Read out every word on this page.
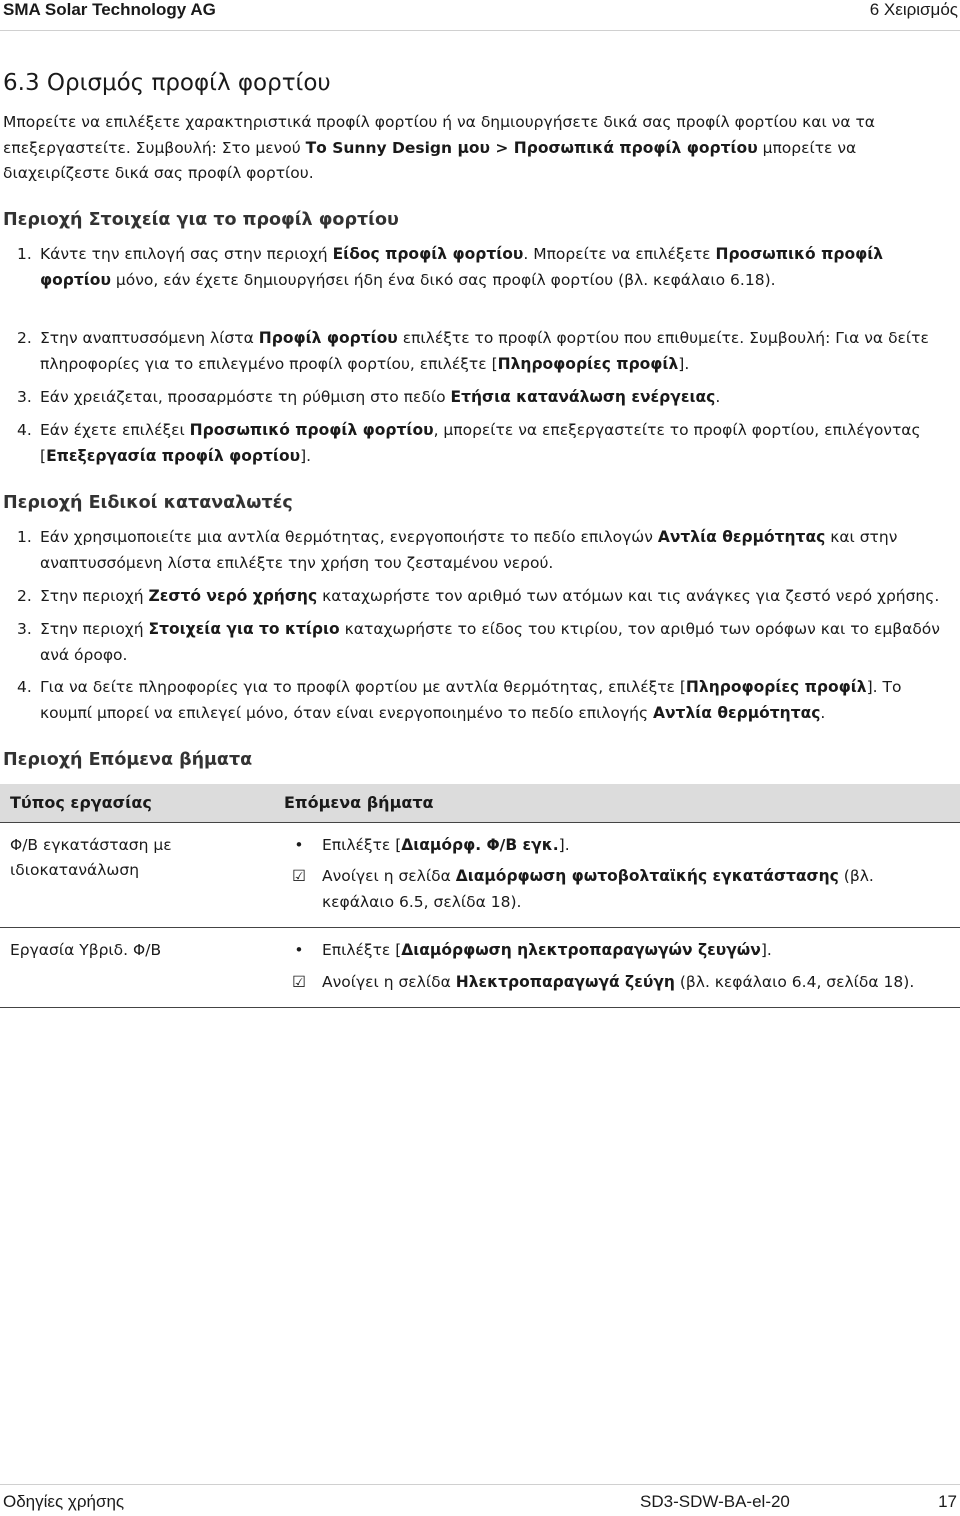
SMA Solar Technology AG	6 Χειρισμός
6.3 Ορισμός προφίλ φορτίου
Μπορείτε να επιλέξετε χαρακτηριστικά προφίλ φορτίου ή να δημιουργήσετε δικά σας προφίλ φορτίου και να τα επεξεργαστείτε. Συμβουλή: Στο μενού Το Sunny Design μου > Προσωπικά προφίλ φορτίου μπορείτε να διαχειρίζεστε δικά σας προφίλ φορτίου.
Περιοχή Στοιχεία για το προφίλ φορτίου
1. Κάντε την επιλογή σας στην περιοχή Είδος προφίλ φορτίου. Μπορείτε να επιλέξετε Προσωπικό προφίλ φορτίου μόνο, εάν έχετε δημιουργήσει ήδη ένα δικό σας προφίλ φορτίου (βλ. κεφάλαιο 6.18).
2. Στην αναπτυσσόμενη λίστα Προφίλ φορτίου επιλέξτε το προφίλ φορτίου που επιθυμείτε. Συμβουλή: Για να δείτε πληροφορίες για το επιλεγμένο προφίλ φορτίου, επιλέξτε [Πληροφορίες προφίλ].
3. Εάν χρειάζεται, προσαρμόστε τη ρύθμιση στο πεδίο Ετήσια κατανάλωση ενέργειας.
4. Εάν έχετε επιλέξει Προσωπικό προφίλ φορτίου, μπορείτε να επεξεργαστείτε το προφίλ φορτίου, επιλέγοντας [Επεξεργασία προφίλ φορτίου].
Περιοχή Ειδικοί καταναλωτές
1. Εάν χρησιμοποιείτε μια αντλία θερμότητας, ενεργοποιήστε το πεδίο επιλογών Αντλία θερμότητας και στην αναπτυσσόμενη λίστα επιλέξτε την χρήση του ζεσταμένου νερού.
2. Στην περιοχή Ζεστό νερό χρήσης καταχωρήστε τον αριθμό των ατόμων και τις ανάγκες για ζεστό νερό χρήσης.
3. Στην περιοχή Στοιχεία για το κτίριο καταχωρήστε το είδος του κτιρίου, τον αριθμό των ορόφων και το εμβαδόν ανά όροφο.
4. Για να δείτε πληροφορίες για το προφίλ φορτίου με αντλία θερμότητας, επιλέξτε [Πληροφορίες προφίλ]. Το κουμπί μπορεί να επιλεγεί μόνο, όταν είναι ενεργοποιημένο το πεδίο επιλογής Αντλία θερμότητας.
Περιοχή Επόμενα βήματα
Τύπος εργασίας	Επόμενα βήματα
Φ/Β εγκατάσταση με ιδιοκατανάλωση	• Επιλέξτε [Διαμόρφ. Φ/Β εγκ.].
☑ Ανοίγει η σελίδα Διαμόρφωση φωτοβολταϊκής εγκατάστασης (βλ. κεφάλαιο 6.5, σελίδα 18).

Εργασία Υβριδ. Φ/Β	• Επιλέξτε [Διαμόρφωση ηλεκτροπαραγωγών ζευγών].
☑ Ανοίγει η σελίδα Ηλεκτροπαραγωγά ζεύγη (βλ. κεφάλαιο 6.4, σελίδα 18).
Οδηγίες χρήσης	SD3-SDW-BA-el-20	17
